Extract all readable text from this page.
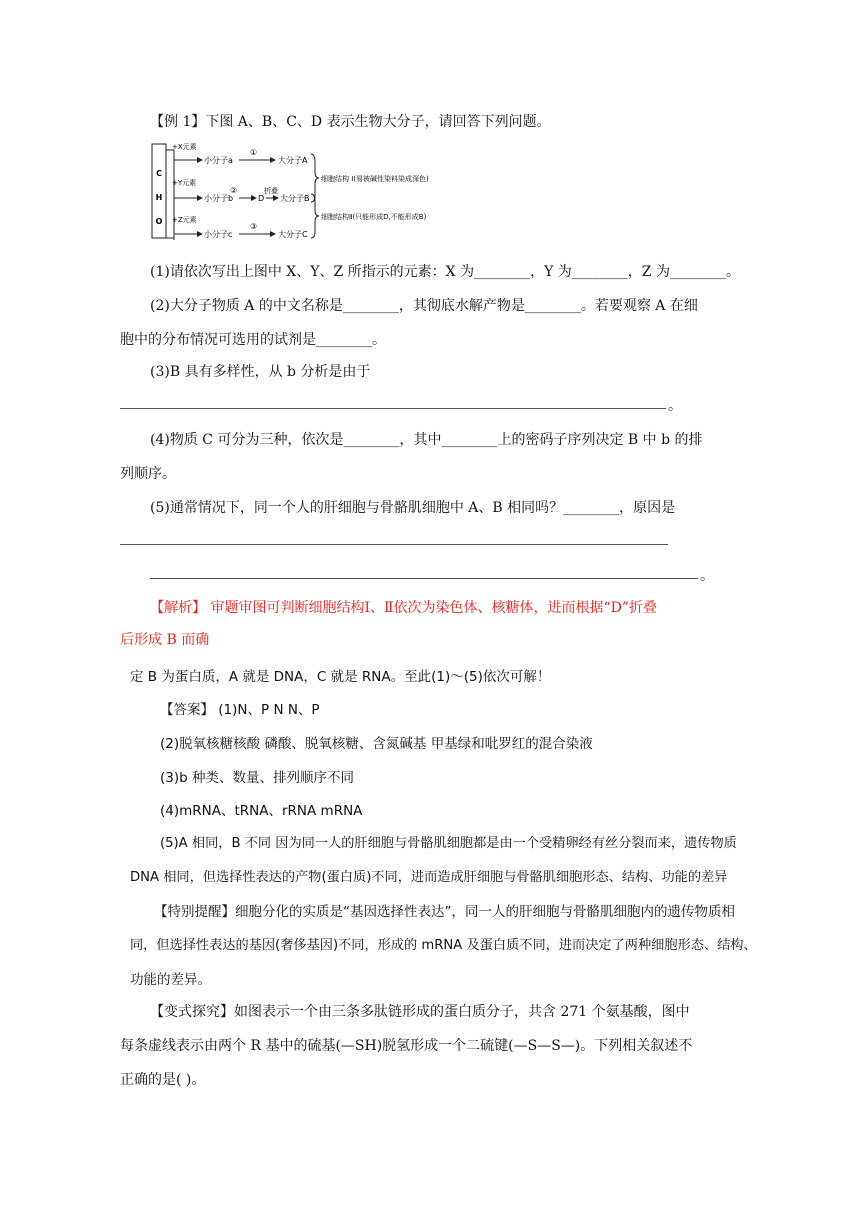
【例 1】下图 A、B、C、D 表示生物大分子，请回答下列问题。
C
H
O
+X元素
小分子a
①
大分子A
+Y元素
小分子b
②
D
折叠
大分子B
+Z元素
小分子c
③
大分子C
细胞结构 Ⅰ(易被碱性染料染成深色)
细胞结构Ⅱ(只能形成D,不能形成B)
(1)请依次写出上图中 X、Y、Z 所指示的元素：X 为________，Y 为________，Z 为________。
(2)大分子物质 A 的中文名称是________，其彻底水解产物是________。若要观察 A 在细
胞中的分布情况可选用的试剂是________。
(3)B 具有多样性，从 b 分析是由于
。
(4)物质 C 可分为三种，依次是________，其中________上的密码子序列决定 B 中 b 的排
列顺序。
(5)通常情况下，同一个人的肝细胞与骨骼肌细胞中 A、B 相同吗？________，原因是
。
【解析】 审题审图可判断细胞结构Ⅰ、Ⅱ依次为染色体、核糖体，进而根据“D”折叠
后形成 B 而确
定 B 为蛋白质，A 就是 DNA，C 就是 RNA。至此(1)～(5)依次可解！
【答案】 (1)N、P N N、P
(2)脱氧核糖核酸 磷酸、脱氧核糖、含氮碱基 甲基绿和吡罗红的混合染液
(3)b 种类、数量、排列顺序不同
(4)mRNA、tRNA、rRNA mRNA
(5)A 相同，B 不同 因为同一人的肝细胞与骨骼肌细胞都是由一个受精卵经有丝分裂而来，遗传物质
DNA 相同，但选择性表达的产物(蛋白质)不同，进而造成肝细胞与骨骼肌细胞形态、结构、功能的差异
【特别提醒】细胞分化的实质是“基因选择性表达”，同一人的肝细胞与骨骼肌细胞内的遗传物质相
同，但选择性表达的基因(奢侈基因)不同，形成的 mRNA 及蛋白质不同，进而决定了两种细胞形态、结构、
功能的差异。
【变式探究】如图表示一个由三条多肽链形成的蛋白质分子，共含 271 个氨基酸，图中
每条虚线表示由两个 R 基中的硫基(—SH)脱氢形成一个二硫键(—S—S—)。下列相关叙述不
正确的是( )。
